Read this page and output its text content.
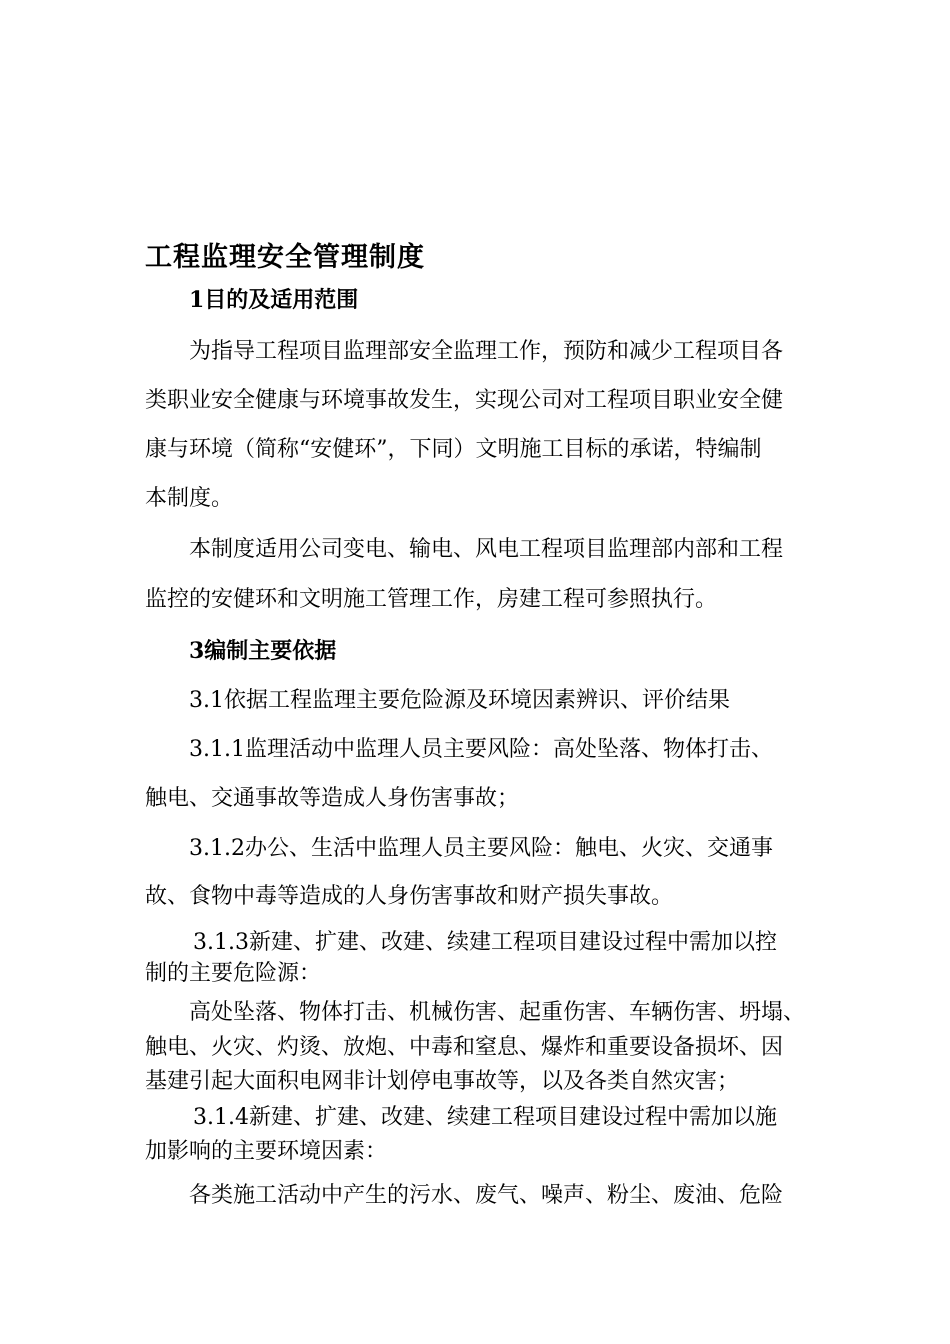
工程监理安全管理制度
1目的及适用范围
为指导工程项目监理部安全监理工作，预防和减少工程项目各
类职业安全健康与环境事故发生，实现公司对工程项目职业安全健
康与环境（简称“安健环”，下同）文明施工目标的承诺，特编制
本制度。
本制度适用公司变电、输电、风电工程项目监理部内部和工程
监控的安健环和文明施工管理工作，房建工程可参照执行。
3编制主要依据
3.1依据工程监理主要危险源及环境因素辨识、评价结果
3.1.1监理活动中监理人员主要风险：高处坠落、物体打击、
触电、交通事故等造成人身伤害事故；
3.1.2办公、生活中监理人员主要风险：触电、火灾、交通事
故、食物中毒等造成的人身伤害事故和财产损失事故。
3.1.3新建、扩建、改建、续建工程项目建设过程中需加以控
制的主要危险源：
高处坠落、物体打击、机械伤害、起重伤害、车辆伤害、坍塌、
触电、火灾、灼烫、放炮、中毒和窒息、爆炸和重要设备损坏、因
基建引起大面积电网非计划停电事故等，以及各类自然灾害；
3.1.4新建、扩建、改建、续建工程项目建设过程中需加以施
加影响的主要环境因素：
各类施工活动中产生的污水、废气、噪声、粉尘、废油、危险
